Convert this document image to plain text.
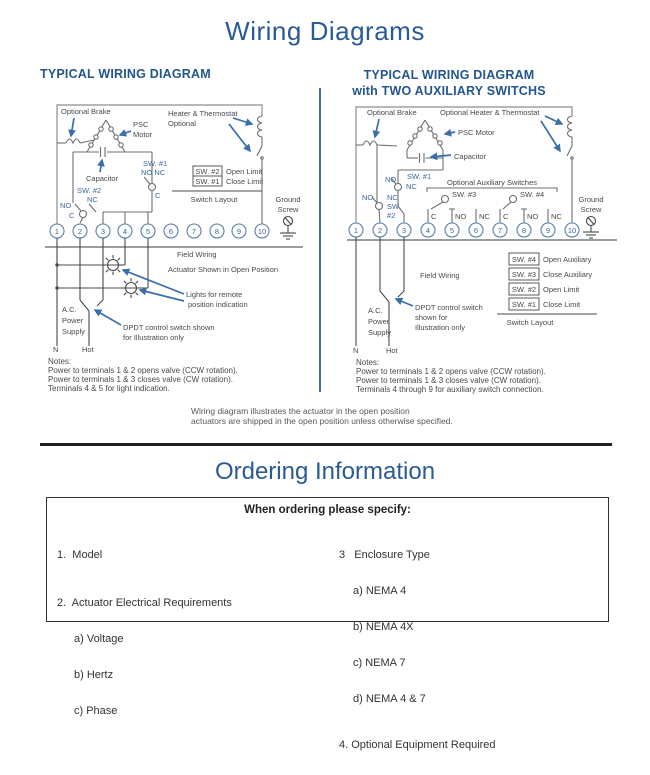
Wiring Diagrams
TYPICAL WIRING DIAGRAM	TYPICAL WIRING DIAGRAM
with TWO AUXILIARY SWITCHS
1	2	3 4	5	6	7	8 9 10
SW. #2 Open Limit
SW. #1 Close Limit
Switch Layout
Optional Brake	Heater & Thermostat
Optional
PSC
Motor
Capacitor
SW. #1
NO NC
C
SW. #2
NC
NO
C
Ground
Screw
Field Wiring
Actuator Shown in Open Position
Lights for remote
position indication
A.C.
Power
Supply
N	Hot
DPDT control switch shown
for Illustration only
Notes:
Power to terminals 1 & 2 opens valve (CCW rotation).
Power to terminals 1 & 3 closes valve (CW rotation).
Terminals 4 & 5 for light indication.
1	2	3	4	5	6	7	8	9 10
SW. #4 Open Auxiliary
SW. #3 Close Auxiliary
SW. #2 Open Limit
SW. #1 Close Limit
Switch Layout
Optional Brake	Optional Heater & Thermostat
PSC Motor
Capacitor
NO SW. #1
NC
NO NC
SW.
#2
Optional Auxiliary Switches
SW. #3	SW. #4
C NO NC C NO NC
Ground
Screw
Field Wiring
A.C.
Power
Supply
N	Hot
DPDT control switch
shown for
Illustration only
Notes:
Power to terminals 1 & 2 opens valve (CCW rotation).
Power to terminals 1 & 3 closes valve (CW rotation).
Terminals 4 through 9 for auxiliary switch connection.
Wiring diagram illustrates the actuator in the open position
actuators are shipped in the open position unless otherwise specified.
Ordering Information
When ordering please specify:

1.  Model

2.  Actuator Electrical Requirements

a) Voltage

b) Hertz

c) Phase

3   Enclosure Type

a) NEMA 4

b) NEMA 4X

c) NEMA 7

d) NEMA 4 & 7

4. Optional Equipment Required
